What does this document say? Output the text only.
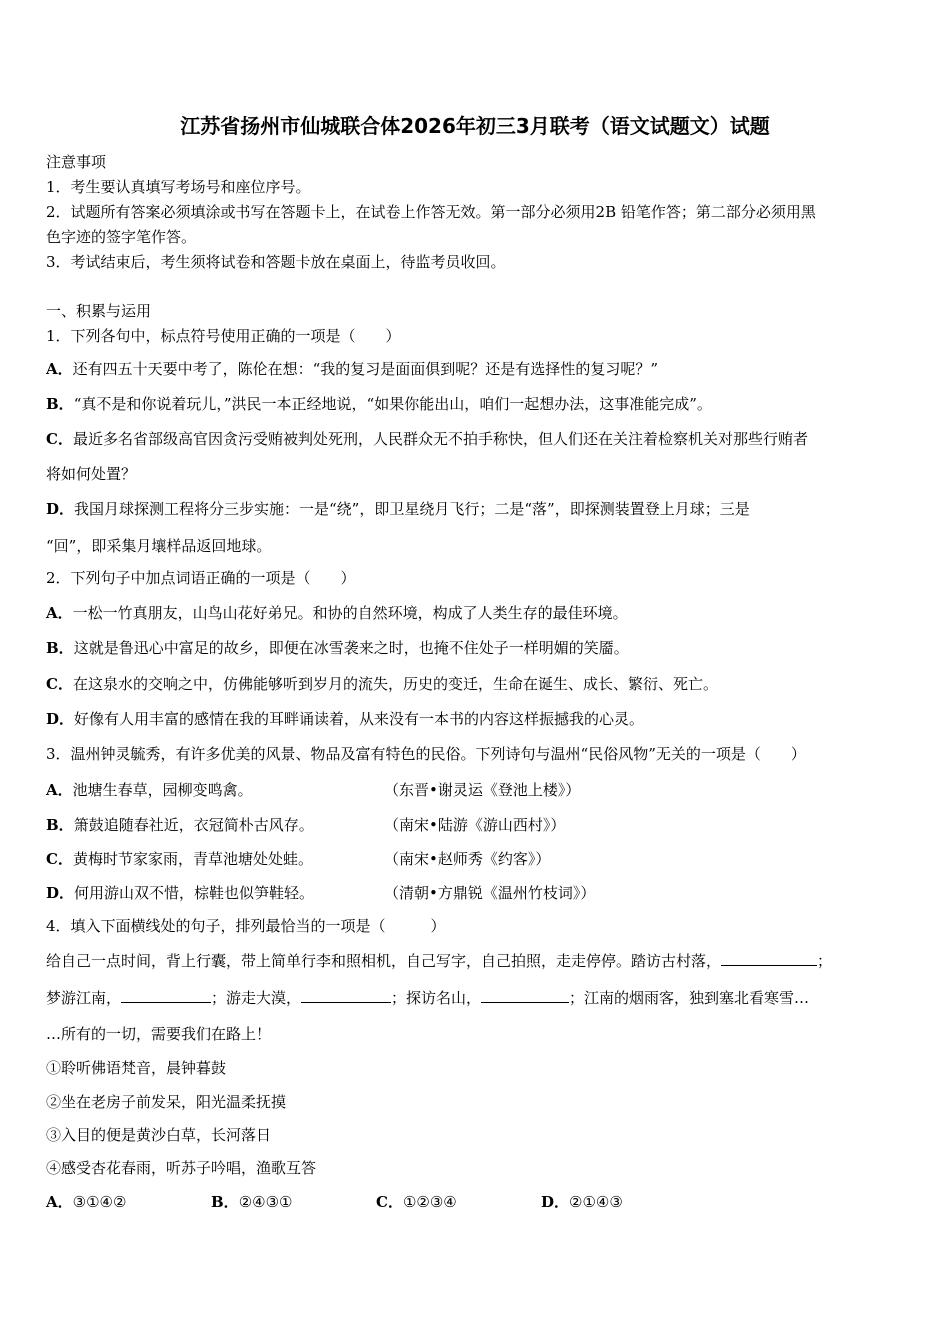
江苏省扬州市仙城联合体2026年初三3月联考（语文试题文）试题
注意事项
1．考生要认真填写考场号和座位序号。
2．试题所有答案必须填涂或书写在答题卡上，在试卷上作答无效。第一部分必须用2B 铅笔作答；第二部分必须用黑
色字迹的签字笔作答。
3．考试结束后，考生须将试卷和答题卡放在桌面上，待监考员收回。
一、积累与运用
1．下列各句中，标点符号使用正确的一项是（　　）
A．还有四五十天要中考了，陈伦在想：“我的复习是面面俱到呢？还是有选择性的复习呢？”
B．“真不是和你说着玩儿，”洪民一本正经地说，“如果你能出山，咱们一起想办法，这事准能完成”。
C．最近多名省部级高官因贪污受贿被判处死刑，人民群众无不拍手称快，但人们还在关注着检察机关对那些行贿者
将如何处置？
D．我国月球探测工程将分三步实施：一是“绕”，即卫星绕月飞行；二是“落”，即探测装置登上月球；三是
“回”，即采集月壤样品返回地球。
2．下列句子中加点词语正确的一项是（　　）
A．一松一竹真朋友，山鸟山花好弟兄。和协的自然环境，构成了人类生存的最佳环境。
B．这就是鲁迅心中富足的故乡，即便在冰雪袭来之时，也掩不住处子一样明媚的笑靥。
C．在这泉水的交响之中，仿佛能够听到岁月的流失，历史的变迁，生命在诞生、成长、繁衍、死亡。
D．好像有人用丰富的感情在我的耳畔诵读着，从来没有一本书的内容这样振撼我的心灵。
3．温州钟灵毓秀，有许多优美的风景、物品及富有特色的民俗。下列诗句与温州“民俗风物”无关的一项是（　　）
A．池塘生春草，园柳变鸣禽。	（东晋•谢灵运《登池上楼》）
B．箫鼓追随春社近，衣冠简朴古风存。	（南宋•陆游《游山西村》）
C．黄梅时节家家雨，青草池塘处处蛙。	（南宋•赵师秀《约客》）
D．何用游山双不惜，棕鞋也似笋鞋轻。	（清朝•方鼎锐《温州竹枝词》）
4．填入下面横线处的句子，排列最恰当的一项是（　　　）
给自己一点时间，背上行囊，带上简单行李和照相机，自己写字，自己拍照，走走停停。踏访古村落，	；
梦游江南，	；游走大漠，	；探访名山，	；江南的烟雨客，独到塞北看寒雪…
…所有的一切，需要我们在路上！
①聆听佛语梵音，晨钟暮鼓
②坐在老房子前发呆，阳光温柔抚摸
③入目的便是黄沙白草，长河落日
④感受杏花春雨，听苏子吟唱，渔歌互答
A．③①④②	B．②④③①	C．①②③④	D．②①④③
